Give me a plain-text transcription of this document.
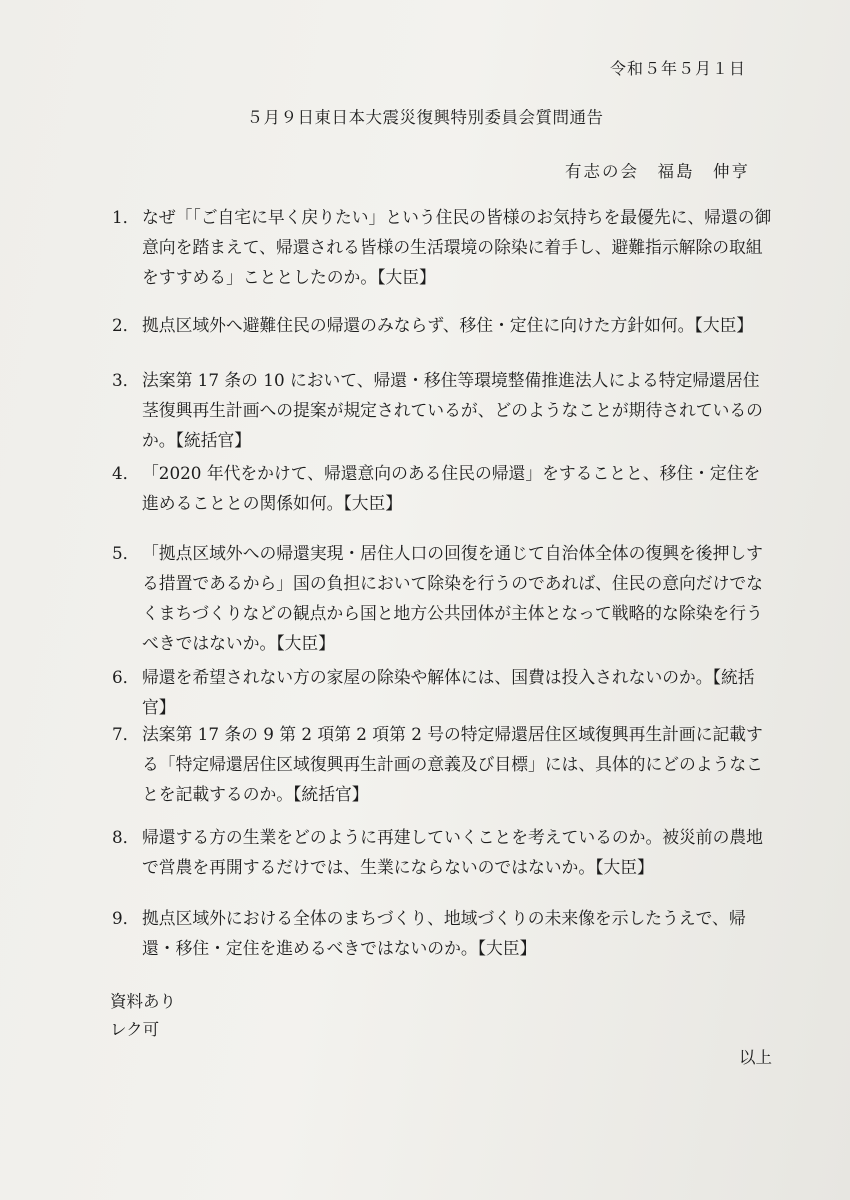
令和５年５月１日
５月９日東日本大震災復興特別委員会質問通告
有志の会　福島　伸亨
1． なぜ「「ご自宅に早く戻りたい」という住民の皆様のお気持ちを最優先に、帰還の御意向を踏まえて、帰還される皆様の生活環境の除染に着手し、避難指示解除の取組をすすめる」こととしたのか。【大臣】
2． 拠点区域外へ避難住民の帰還のみならず、移住・定住に向けた方針如何。【大臣】
3． 法案第 17 条の 10 において、帰還・移住等環境整備推進法人による特定帰還居住茎復興再生計画への提案が規定されているが、どのようなことが期待されているのか。【統括官】
4． 「2020 年代をかけて、帰還意向のある住民の帰還」をすることと、移住・定住を進めることとの関係如何。【大臣】
5． 「拠点区域外への帰還実現・居住人口の回復を通じて自治体全体の復興を後押しする措置であるから」国の負担において除染を行うのであれば、住民の意向だけでなくまちづくりなどの観点から国と地方公共団体が主体となって戦略的な除染を行うべきではないか。【大臣】
6． 帰還を希望されない方の家屋の除染や解体には、国費は投入されないのか。【統括官】
7． 法案第 17 条の 9 第 2 項第 2 項第 2 号の特定帰還居住区域復興再生計画に記載する「特定帰還居住区域復興再生計画の意義及び目標」には、具体的にどのようなことを記載するのか。【統括官】
8． 帰還する方の生業をどのように再建していくことを考えているのか。被災前の農地で営農を再開するだけでは、生業にならないのではないか。【大臣】
9． 拠点区域外における全体のまちづくり、地域づくりの未来像を示したうえで、帰還・移住・定住を進めるべきではないのか。【大臣】
資料あり
レク可
以上
